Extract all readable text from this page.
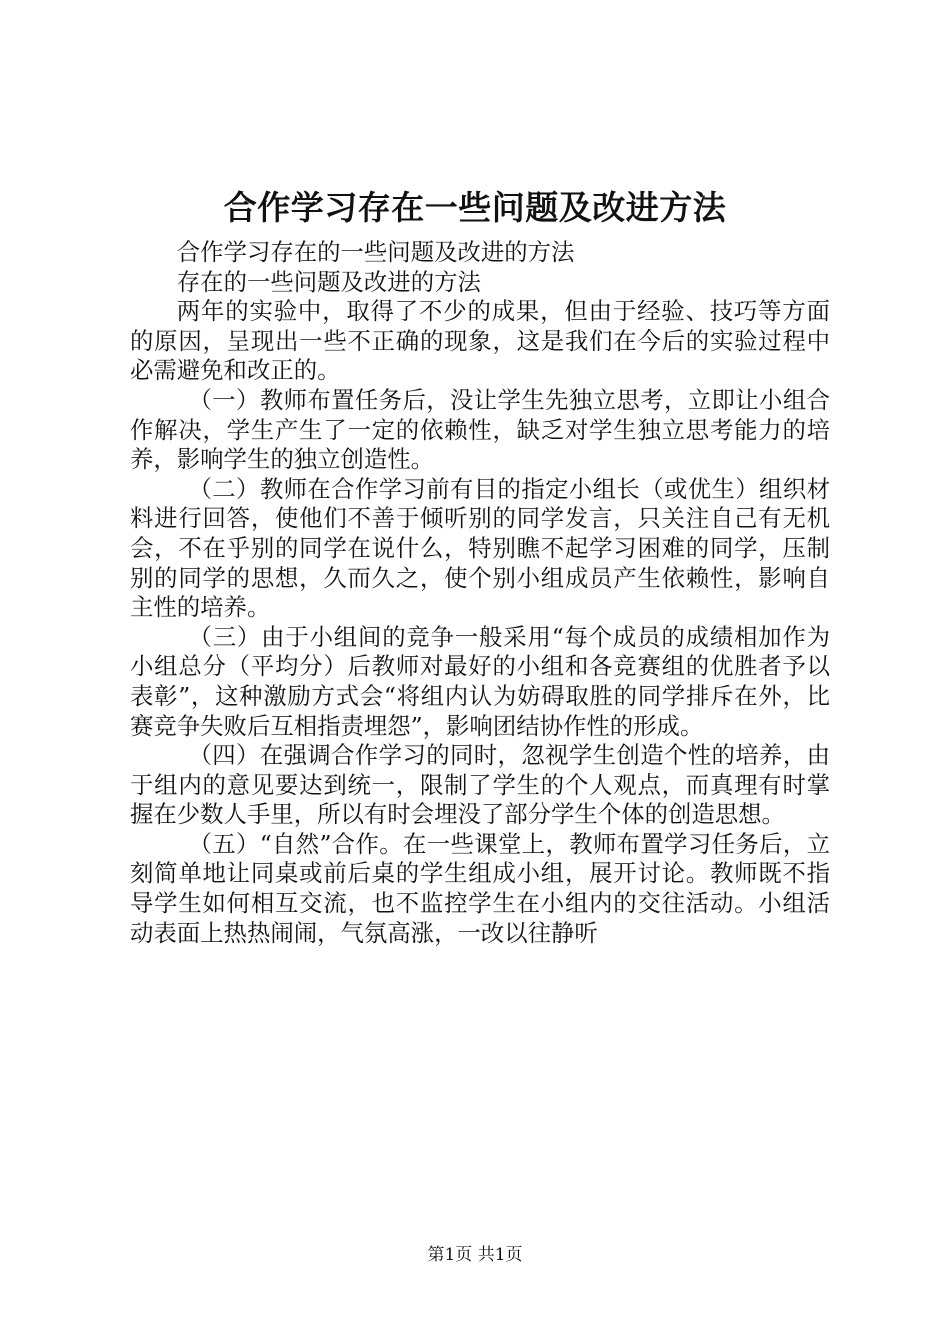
合作学习存在一些问题及改进方法

合作学习存在的一些问题及改进的方法

存在的一些问题及改进的方法

两年的实验中，取得了不少的成果，但由于经验、技巧等方面的原因，呈现出一些不正确的现象，这是我们在今后的实验过程中必需避免和改正的。

（一）教师布置任务后，没让学生先独立思考，立即让小组合作解决，学生产生了一定的依赖性，缺乏对学生独立思考能力的培养，影响学生的独立创造性。

（二）教师在合作学习前有目的指定小组长（或优生）组织材料进行回答，使他们不善于倾听别的同学发言，只关注自己有无机会，不在乎别的同学在说什么，特别瞧不起学习困难的同学，压制别的同学的思想，久而久之，使个别小组成员产生依赖性，影响自主性的培养。

（三）由于小组间的竞争一般采用“每个成员的成绩相加作为小组总分（平均分）后教师对最好的小组和各竞赛组的优胜者予以表彰”，这种激励方式会“将组内认为妨碍取胜的同学排斥在外，比赛竞争失败后互相指责埋怨”，影响团结协作性的形成。

（四）在强调合作学习的同时，忽视学生创造个性的培养，由于组内的意见要达到统一，限制了学生的个人观点，而真理有时掌握在少数人手里，所以有时会埋没了部分学生个体的创造思想。

（五）“自然”合作。在一些课堂上，教师布置学习任务后，立刻简单地让同桌或前后桌的学生组成小组，展开讨论。教师既不指导学生如何相互交流，也不监控学生在小组内的交往活动。小组活动表面上热热闹闹，气氛高涨，一改以往静听

第1页 共1页
